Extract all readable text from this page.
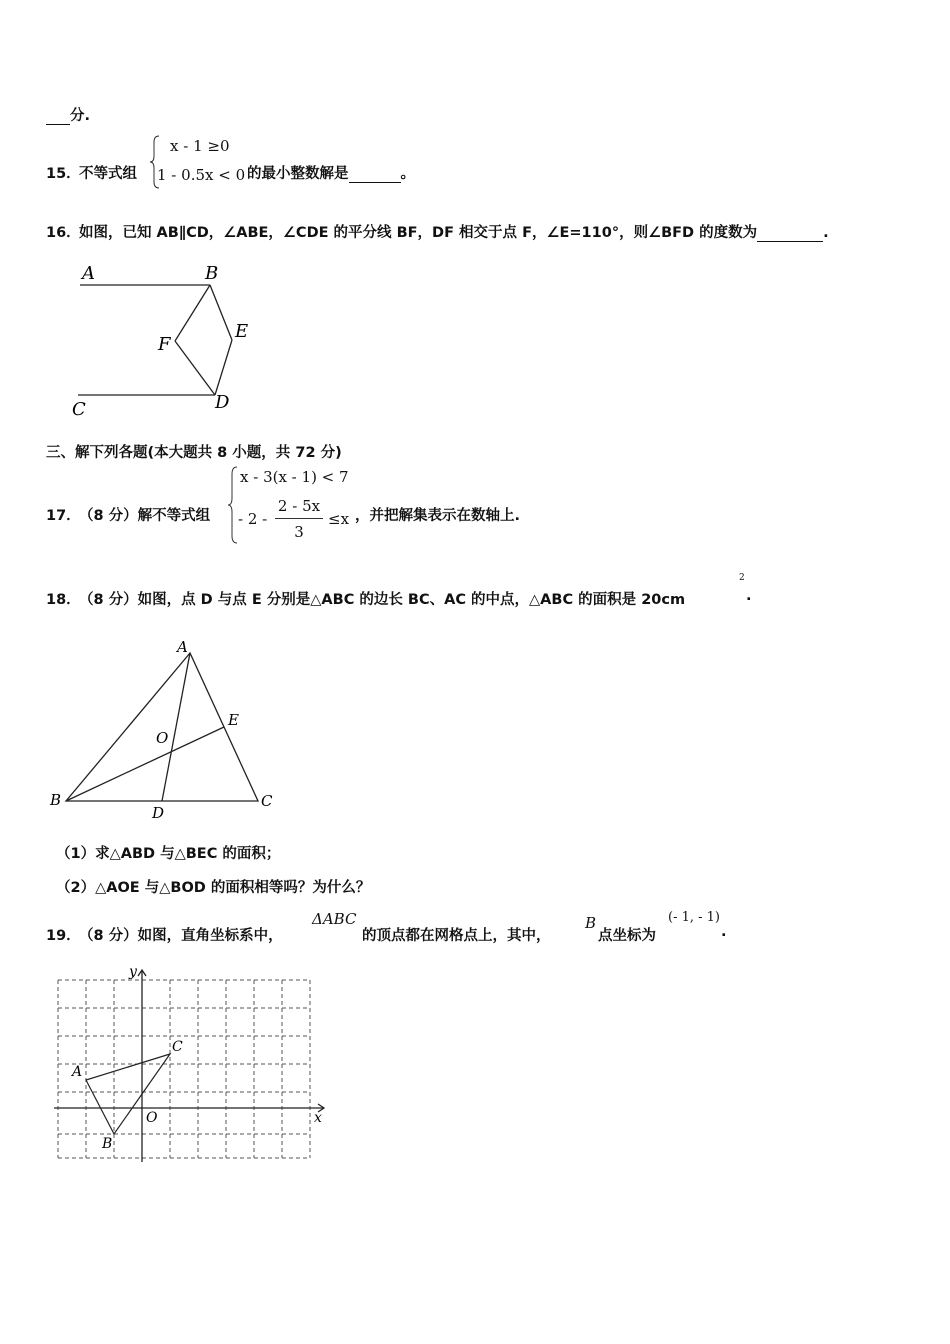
分.
15．
不等式组
x - 1 ≥0
1 - 0.5x < 0 的最小整数解是	。
16．
如图，已知 AB∥CD，∠ABE，∠CDE 的平分线 BF，DF 相交于点 F，∠E=110°，则∠BFD 的度数为	.
A	B
E
F
C	D
三、解下列各题(本大题共 8 小题，共 72 分)
17．
（8 分）解不等式组
x - 3(x - 1) < 7
- 2 -
2 - 5x
3
≤x ，并把解集表示在数轴上.
18．
（8 分）如图，点 D 与点 E 分别是△ABC 的边长 BC、AC 的中点，△ABC 的面积是 20cm
2
.
A
B	C
D
E
O
（1）求△ABD 与△BEC 的面积；
（2）△AOE 与△BOD 的面积相等吗？为什么？
19．
（8 分）如图，直角坐标系中，
ΔABC
的顶点都在网格点上，其中，
B
点坐标为
(- 1, - 1)
.
y
x
O
A
B
C
